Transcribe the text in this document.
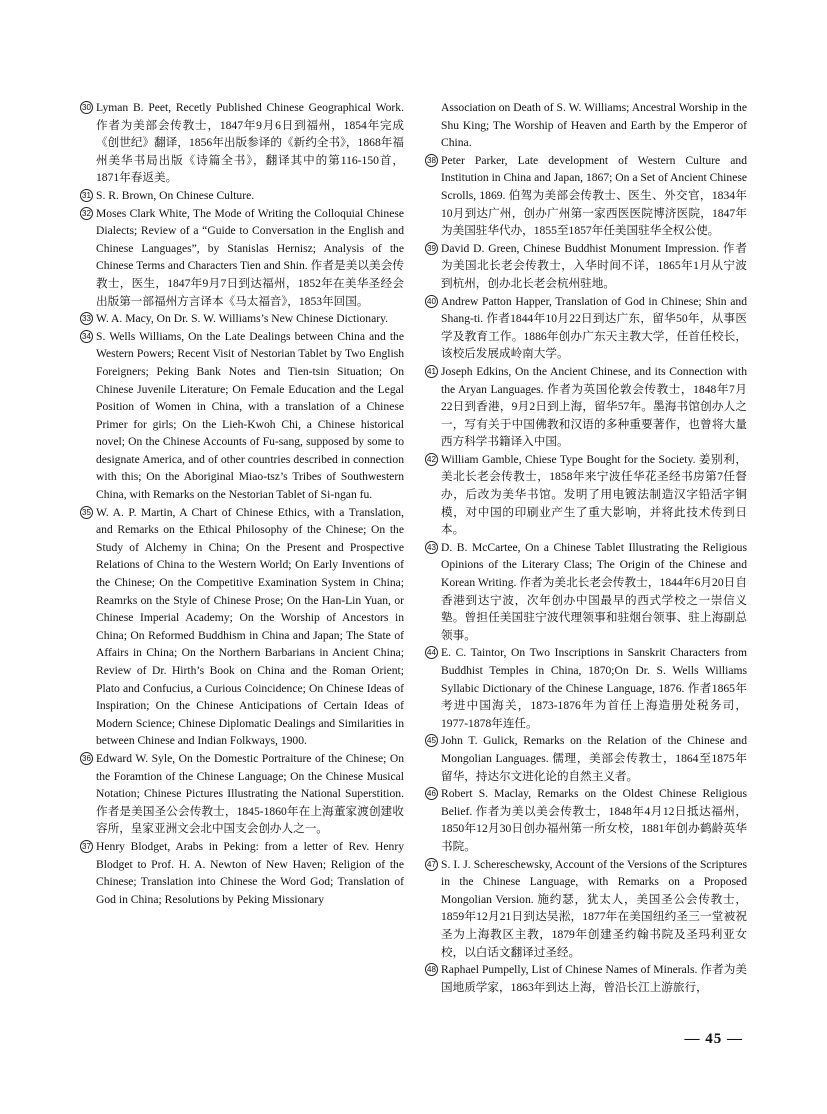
30 Lyman B. Peet, Recetly Published Chinese Geographical Work. 作者为美部会传教士，1847年9月6日到福州，1854年完成《创世纪》翻译，1856年出版参译的《新约全书》，1868年福州美华书局出版《诗篇全书》，翻译其中的第116-150首，1871年春返美。
31 S. R. Brown, On Chinese Culture.
32 Moses Clark White, The Mode of Writing the Colloquial Chinese Dialects; Review of a “Guide to Conversation in the English and Chinese Languages”, by Stanislas Hernisz; Analysis of the Chinese Terms and Characters Tien and Shin. 作者是美以美会传教士，医生，1847年9月7日到达福州，1852年在美华圣经会出版第一部福州方言译本《马太福音》，1853年回国。
33 W. A. Macy, On Dr. S. W. Williams’s New Chinese Dictionary.
34 S. Wells Williams, On the Late Dealings between China and the Western Powers; Recent Visit of Nestorian Tablet by Two English Foreigners; Peking Bank Notes and Tien-tsin Situation; On Chinese Juvenile Literature; On Female Education and the Legal Position of Women in China, with a translation of a Chinese Primer for girls; On the Lieh-Kwoh Chi, a Chinese historical novel; On the Chinese Accounts of Fu-sang, supposed by some to designate America, and of other countries described in connection with this; On the Aboriginal Miao-tsz’s Tribes of Southwestern China, with Remarks on the Nestorian Tablet of Si-ngan fu.
35 W. A. P. Martin, A Chart of Chinese Ethics, with a Translation, and Remarks on the Ethical Philosophy of the Chinese; On the Study of Alchemy in China; On the Present and Prospective Relations of China to the Western World; On Early Inventions of the Chinese; On the Competitive Examination System in China; Reamrks on the Style of Chinese Prose; On the Han-Lin Yuan, or Chinese Imperial Academy; On the Worship of Ancestors in China; On Reformed Buddhism in China and Japan; The State of Affairs in China; On the Northern Barbarians in Ancient China; Review of Dr. Hirth’s Book on China and the Roman Orient; Plato and Confucius, a Curious Coincidence; On Chinese Ideas of Inspiration; On the Chinese Anticipations of Certain Ideas of Modern Science; Chinese Diplomatic Dealings and Similarities in between Chinese and Indian Folkways, 1900.
36 Edward W. Syle, On the Domestic Portraiture of the Chinese; On the Foramtion of the Chinese Language; On the Chinese Musical Notation; Chinese Pictures Illustrating the National Superstition. 作者是美国圣公会传教士，1845-1860年在上海董家渡创建收容所，皇家亚洲文会北中国支会创办人之一。
37 Henry Blodget, Arabs in Peking: from a letter of Rev. Henry Blodget to Prof. H. A. Newton of New Haven; Religion of the Chinese; Translation into Chinese the Word God; Translation of God in China; Resolutions by Peking Missionary
Association on Death of S. W. Williams; Ancestral Worship in the Shu King; The Worship of Heaven and Earth by the Emperor of China.
38 Peter Parker, Late development of Western Culture and Institution in China and Japan, 1867; On a Set of Ancient Chinese Scrolls, 1869. 伯驾为美部会传教士、医生、外交官，1834年10月到达广州，创办广州第一家西医医院博济医院，1847年为美国驻华代办，1855至1857年任美国驻华全权公使。
39 David D. Green, Chinese Buddhist Monument Impression. 作者为美国北长老会传教士，入华时间不详，1865年1月从宁波到杭州，创办北长老会杭州驻地。
40 Andrew Patton Happer, Translation of God in Chinese; Shin and Shang-ti. 作者1844年10月22日到达广东，留华50年，从事医学及教育工作。1886年创办广东天主教大学，任首任校长，该校后发展成岭南大学。
41 Joseph Edkins, On the Ancient Chinese, and its Connection with the Aryan Languages. 作者为英国伦敦会传教士，1848年7月22日到香港，9月2日到上海，留华57年。墨海书馆创办人之一，写有关于中国佛教和汉语的多种重要著作，也曾将大量西方科学书籍译入中国。
42 William Gamble, Chiese Type Bought for the Society. 姜别利，美北长老会传教士，1858年来宁波任华花圣经书房第7任督办，后改为美华书馆。发明了用电镀法制造汉字铅活字铜模，对中国的印刷业产生了重大影响，并将此技术传到日本。
43 D. B. McCartee, On a Chinese Tablet Illustrating the Religious Opinions of the Literary Class; The Origin of the Chinese and Korean Writing. 作者为美北长老会传教士，1844年6月20日自香港到达宁波，次年创办中国最早的西式学校之一崇信义塾。曾担任美国驻宁波代理领事和驻烟台领事、驻上海副总领事。
44 E. C. Taintor, On Two Inscriptions in Sanskrit Characters from Buddhist Temples in China, 1870;On Dr. S. Wells Williams Syllabic Dictionary of the Chinese Language, 1876. 作者1865年考进中国海关，1873-1876年为首任上海造册处税务司，1977-1878年连任。
45 John T. Gulick, Remarks on the Relation of the Chinese and Mongolian Languages. 儒理，美部会传教士，1864至1875年留华，持达尔文进化论的自然主义者。
46 Robert S. Maclay, Remarks on the Oldest Chinese Religious Belief. 作者为美以美会传教士，1848年4月12日抵达福州，1850年12月30日创办福州第一所女校，1881年创办鹤龄英华书院。
47 S. I. J. Schereschewsky, Account of the Versions of the Scriptures in the Chinese Language, with Remarks on a Proposed Mongolian Version. 施约瑟，犹太人，美国圣公会传教士，1859年12月21日到达吴淞，1877年在美国纽约圣三一堂被祝圣为上海教区主教，1879年创建圣约翰书院及圣玛利亚女校，以白话文翻译过圣经。
48 Raphael Pumpelly, List of Chinese Names of Minerals. 作者为美国地质学家，1863年到达上海，曾沿长江上游旅行，
— 45 —
